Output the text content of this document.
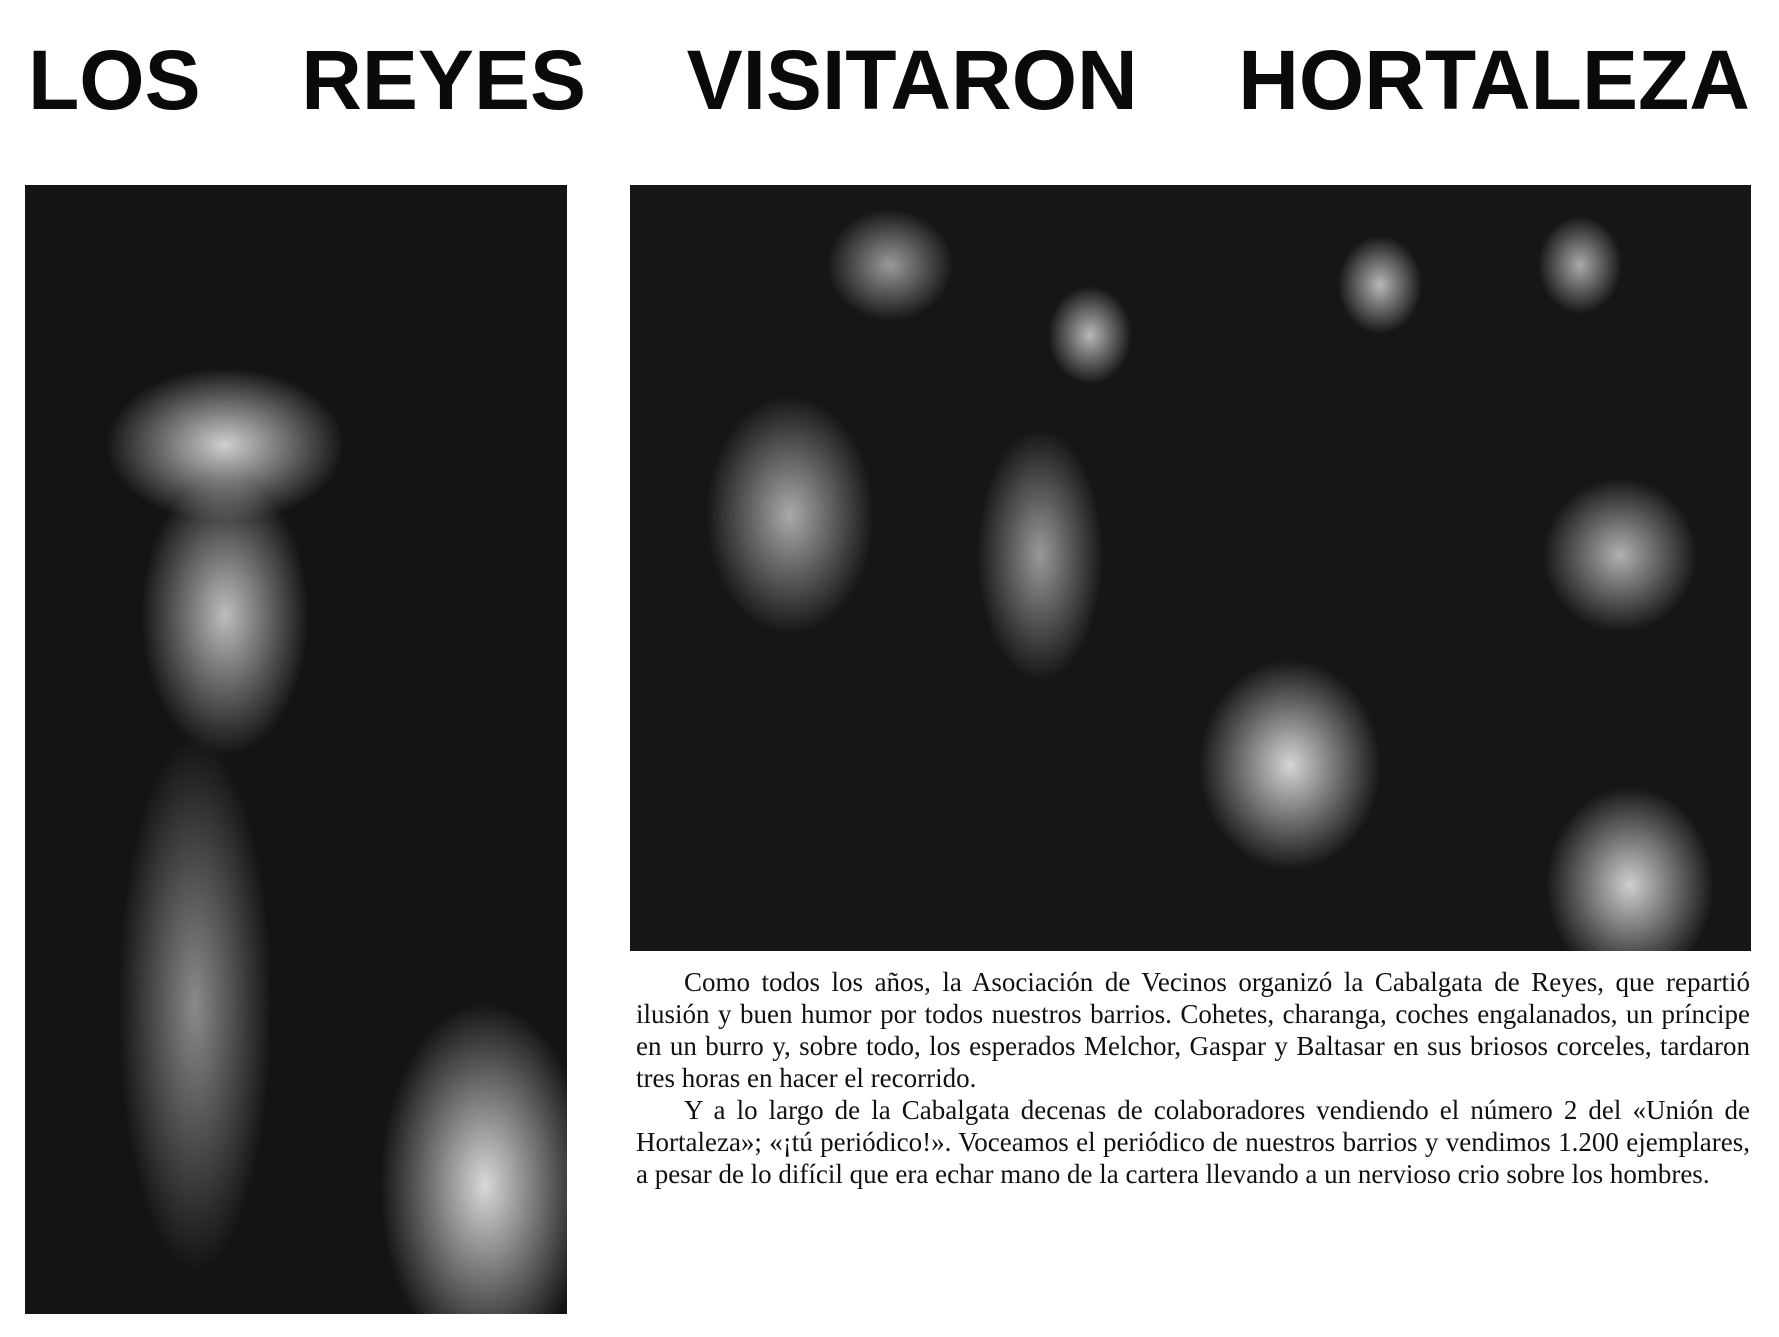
LOS REYES VISITARON HORTALEZA

Como todos los años, la Asociación de Vecinos organizó la Cabalgata de Reyes, que repartió ilusión y buen humor por todos nuestros barrios. Cohetes, charanga, coches engalanados, un príncipe en un burro y, sobre todo, los esperados Melchor, Gaspar y Baltasar en sus briosos corceles, tardaron tres horas en hacer el recorrido.

Y a lo largo de la Cabalgata decenas de colaboradores vendiendo el número 2 del «Unión de Hortaleza»; «¡tú periódico!». Voceamos el periódico de nuestros barrios y vendimos 1.200 ejemplares, a pesar de lo difícil que era echar mano de la cartera llevando a un nervioso crio sobre los hombres.
